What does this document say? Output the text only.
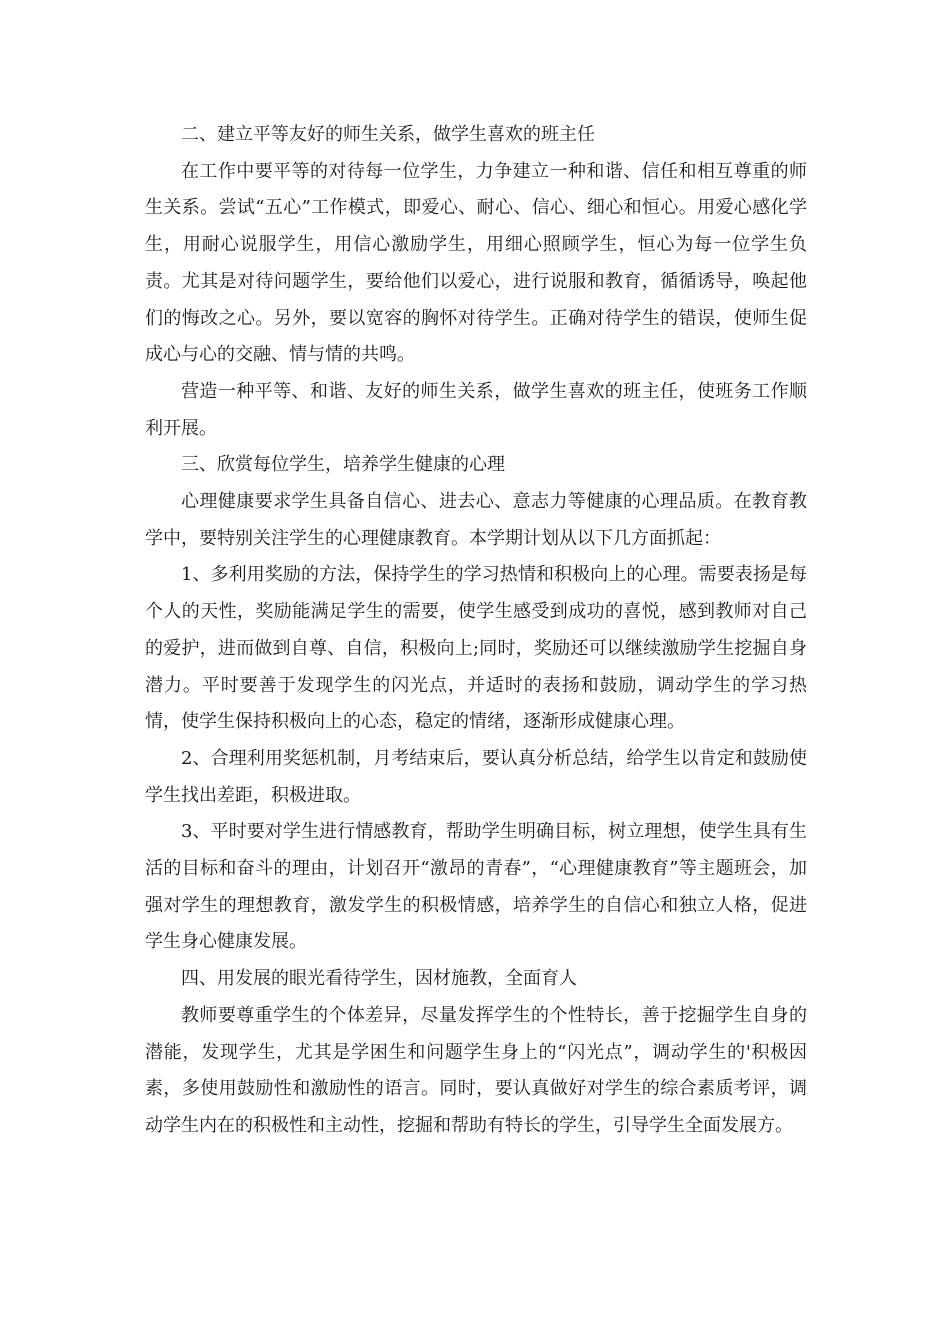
二、建立平等友好的师生关系，做学生喜欢的班主任

在工作中要平等的对待每一位学生，力争建立一种和谐、信任和相互尊重的师生关系。尝试“五心”工作模式，即爱心、耐心、信心、细心和恒心。用爱心感化学生，用耐心说服学生，用信心激励学生，用细心照顾学生，恒心为每一位学生负责。尤其是对待问题学生，要给他们以爱心，进行说服和教育，循循诱导，唤起他们的悔改之心。另外，要以宽容的胸怀对待学生。正确对待学生的错误，使师生促成心与心的交融、情与情的共鸣。

营造一种平等、和谐、友好的师生关系，做学生喜欢的班主任，使班务工作顺利开展。

三、欣赏每位学生，培养学生健康的心理

心理健康要求学生具备自信心、进去心、意志力等健康的心理品质。在教育教学中，要特别关注学生的心理健康教育。本学期计划从以下几方面抓起：

1、多利用奖励的方法，保持学生的学习热情和积极向上的心理。需要表扬是每个人的天性，奖励能满足学生的需要，使学生感受到成功的喜悦，感到教师对自己的爱护，进而做到自尊、自信，积极向上;同时，奖励还可以继续激励学生挖掘自身潜力。平时要善于发现学生的闪光点，并适时的表扬和鼓励，调动学生的学习热情，使学生保持积极向上的心态，稳定的情绪，逐渐形成健康心理。

2、合理利用奖惩机制，月考结束后，要认真分析总结，给学生以肯定和鼓励使学生找出差距，积极进取。

3、平时要对学生进行情感教育，帮助学生明确目标，树立理想，使学生具有生活的目标和奋斗的理由，计划召开“激昂的青春”，“心理健康教育”等主题班会，加强对学生的理想教育，激发学生的积极情感，培养学生的自信心和独立人格，促进学生身心健康发展。

四、用发展的眼光看待学生，因材施教，全面育人

教师要尊重学生的个体差异，尽量发挥学生的个性特长，善于挖掘学生自身的潜能，发现学生，尤其是学困生和问题学生身上的“闪光点”，调动学生的'积极因素，多使用鼓励性和激励性的语言。同时，要认真做好对学生的综合素质考评，调动学生内在的积极性和主动性，挖掘和帮助有特长的学生，引导学生全面发展方。
